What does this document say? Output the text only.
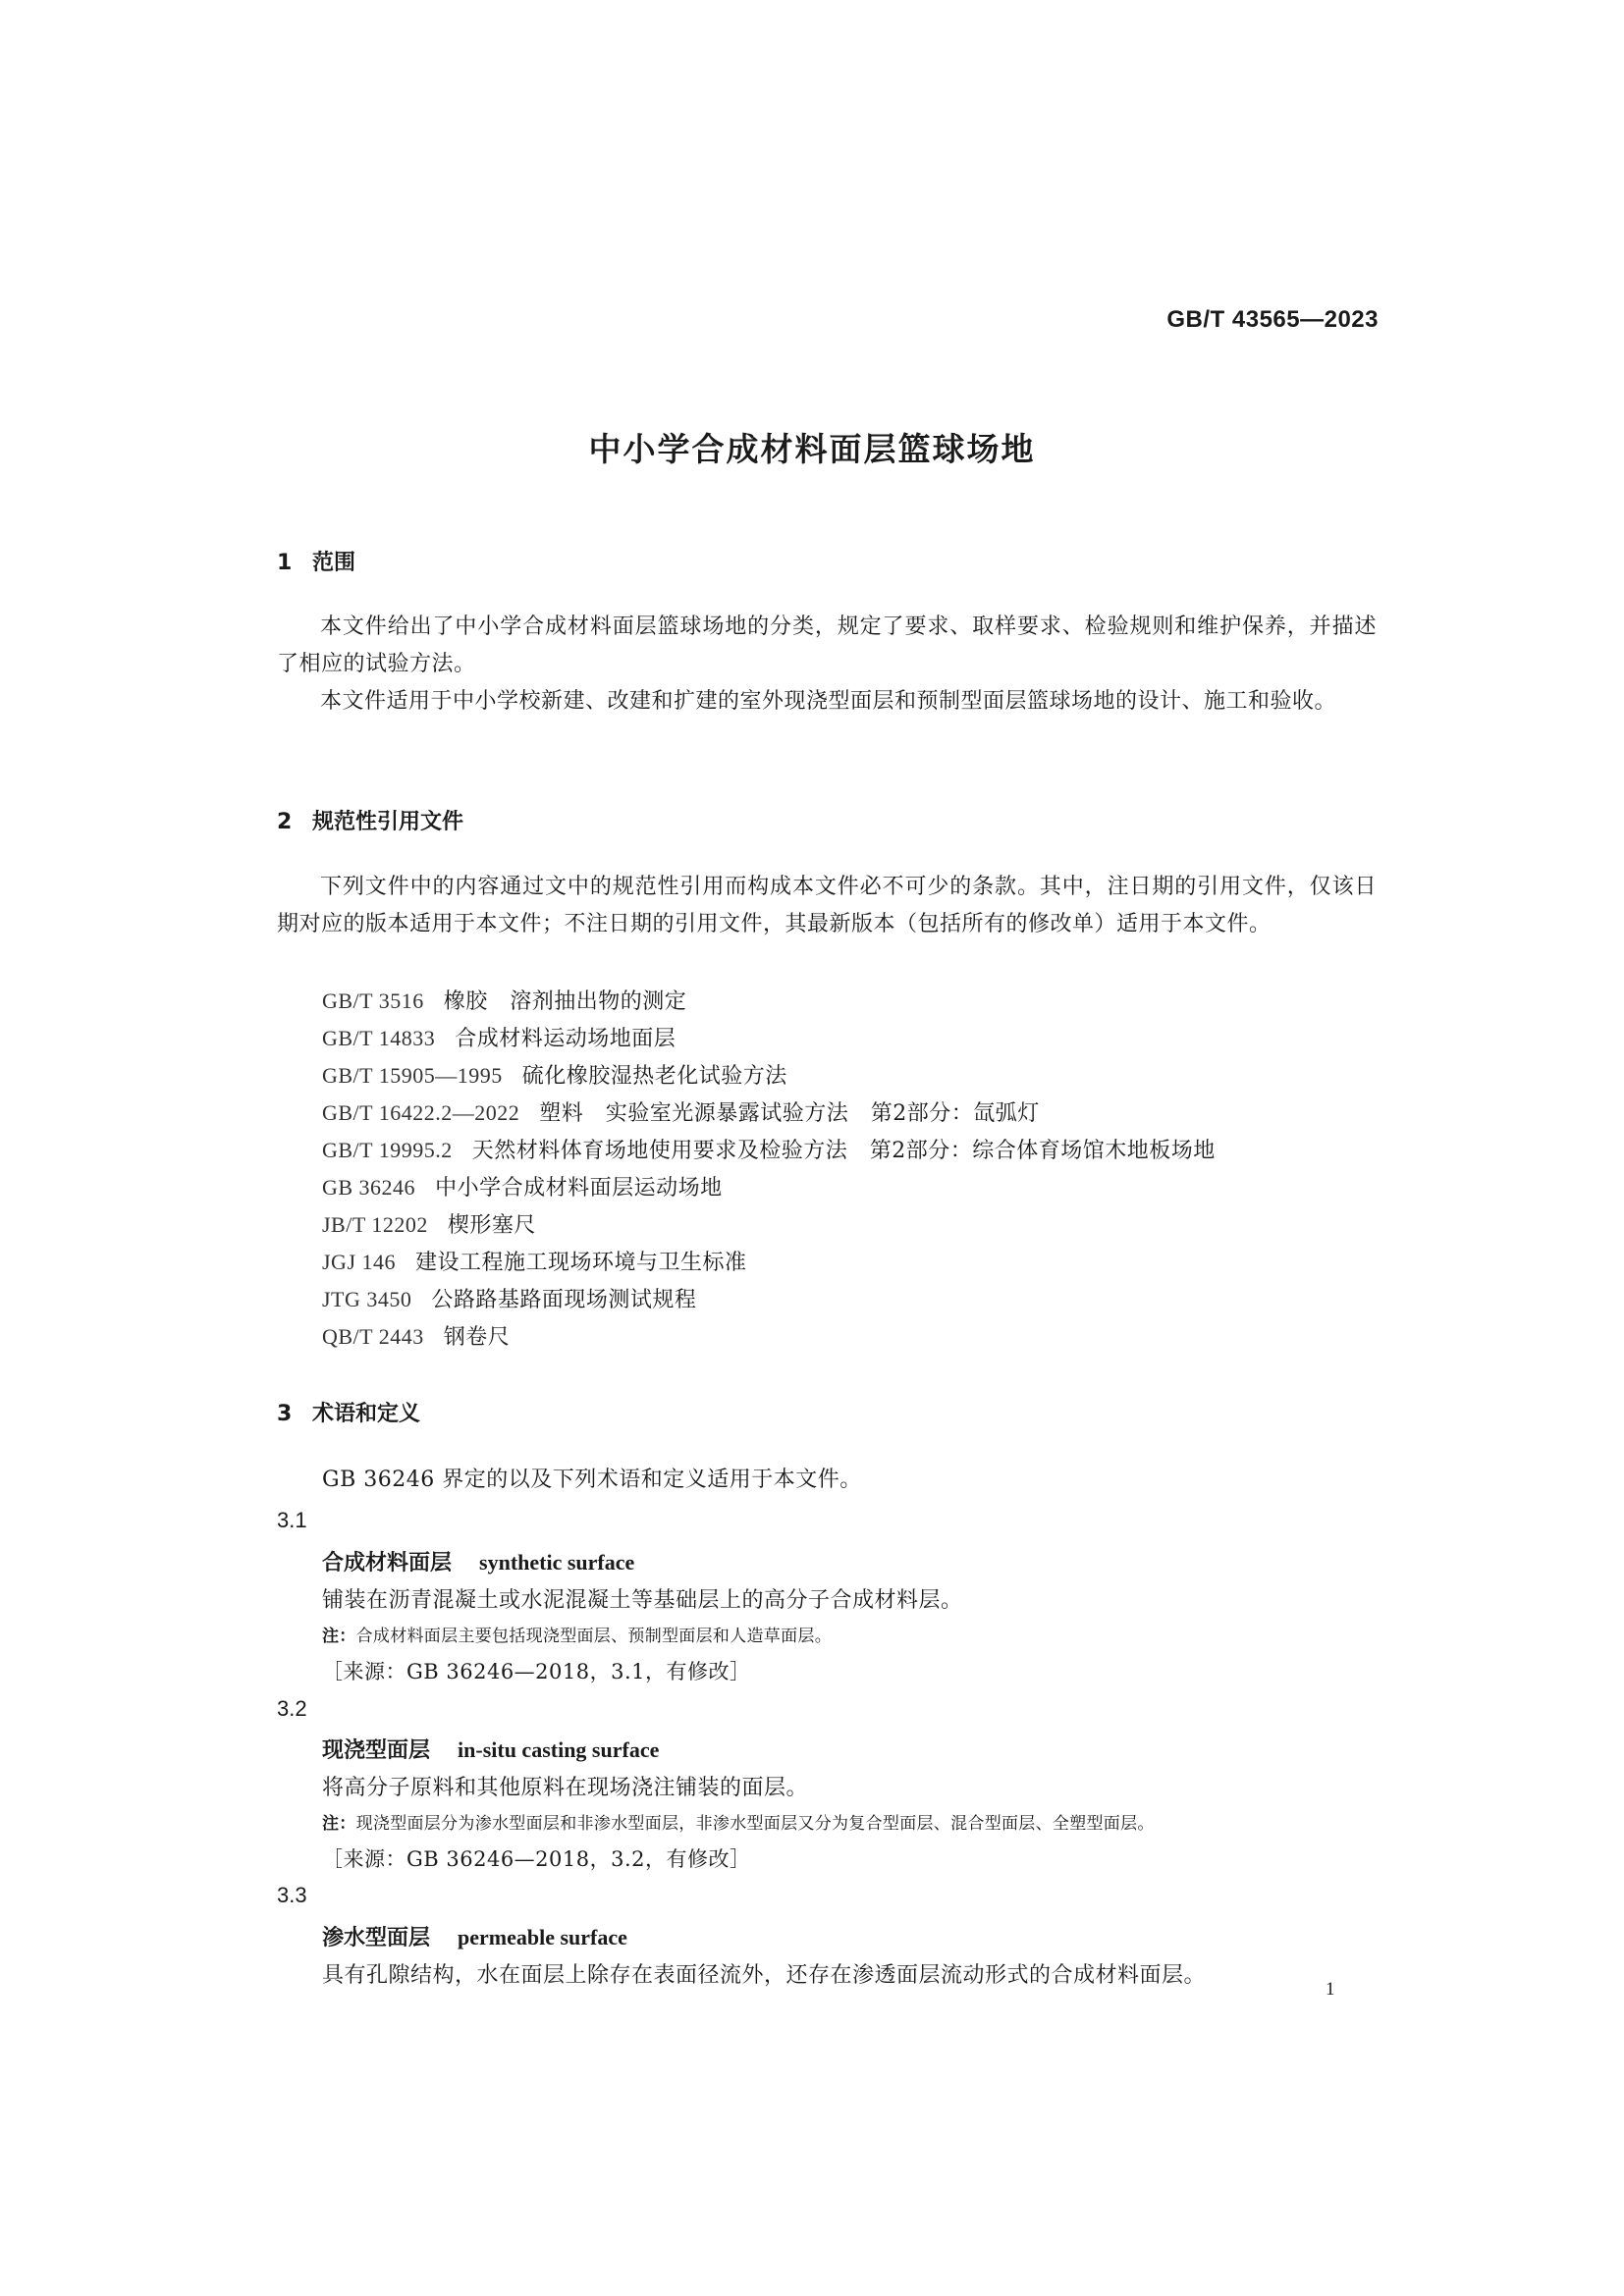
GB/T 43565—2023
中小学合成材料面层篮球场地
1 范围
本文件给出了中小学合成材料面层篮球场地的分类，规定了要求、取样要求、检验规则和维护保养，并描述了相应的试验方法。
本文件适用于中小学校新建、改建和扩建的室外现浇型面层和预制型面层篮球场地的设计、施工和验收。
2 规范性引用文件
下列文件中的内容通过文中的规范性引用而构成本文件必不可少的条款。其中，注日期的引用文件，仅该日期对应的版本适用于本文件；不注日期的引用文件，其最新版本（包括所有的修改单）适用于本文件。
GB/T 3516 橡胶　溶剂抽出物的测定
GB/T 14833 合成材料运动场地面层
GB/T 15905—1995 硫化橡胶湿热老化试验方法
GB/T 16422.2—2022 塑料　实验室光源暴露试验方法　第2部分：氙弧灯
GB/T 19995.2 天然材料体育场地使用要求及检验方法　第2部分：综合体育场馆木地板场地
GB 36246 中小学合成材料面层运动场地
JB/T 12202 楔形塞尺
JGJ 146 建设工程施工现场环境与卫生标准
JTG 3450 公路路基路面现场测试规程
QB/T 2443 钢卷尺
3 术语和定义
GB 36246 界定的以及下列术语和定义适用于本文件。
3.1
合成材料面层 synthetic surface
铺装在沥青混凝土或水泥混凝土等基础层上的高分子合成材料层。
注：合成材料面层主要包括现浇型面层、预制型面层和人造草面层。
［来源：GB 36246—2018，3.1，有修改］
3.2
现浇型面层 in-situ casting surface
将高分子原料和其他原料在现场浇注铺装的面层。
注：现浇型面层分为渗水型面层和非渗水型面层，非渗水型面层又分为复合型面层、混合型面层、全塑型面层。
［来源：GB 36246—2018，3.2，有修改］
3.3
渗水型面层 permeable surface
具有孔隙结构，水在面层上除存在表面径流外，还存在渗透面层流动形式的合成材料面层。
1
